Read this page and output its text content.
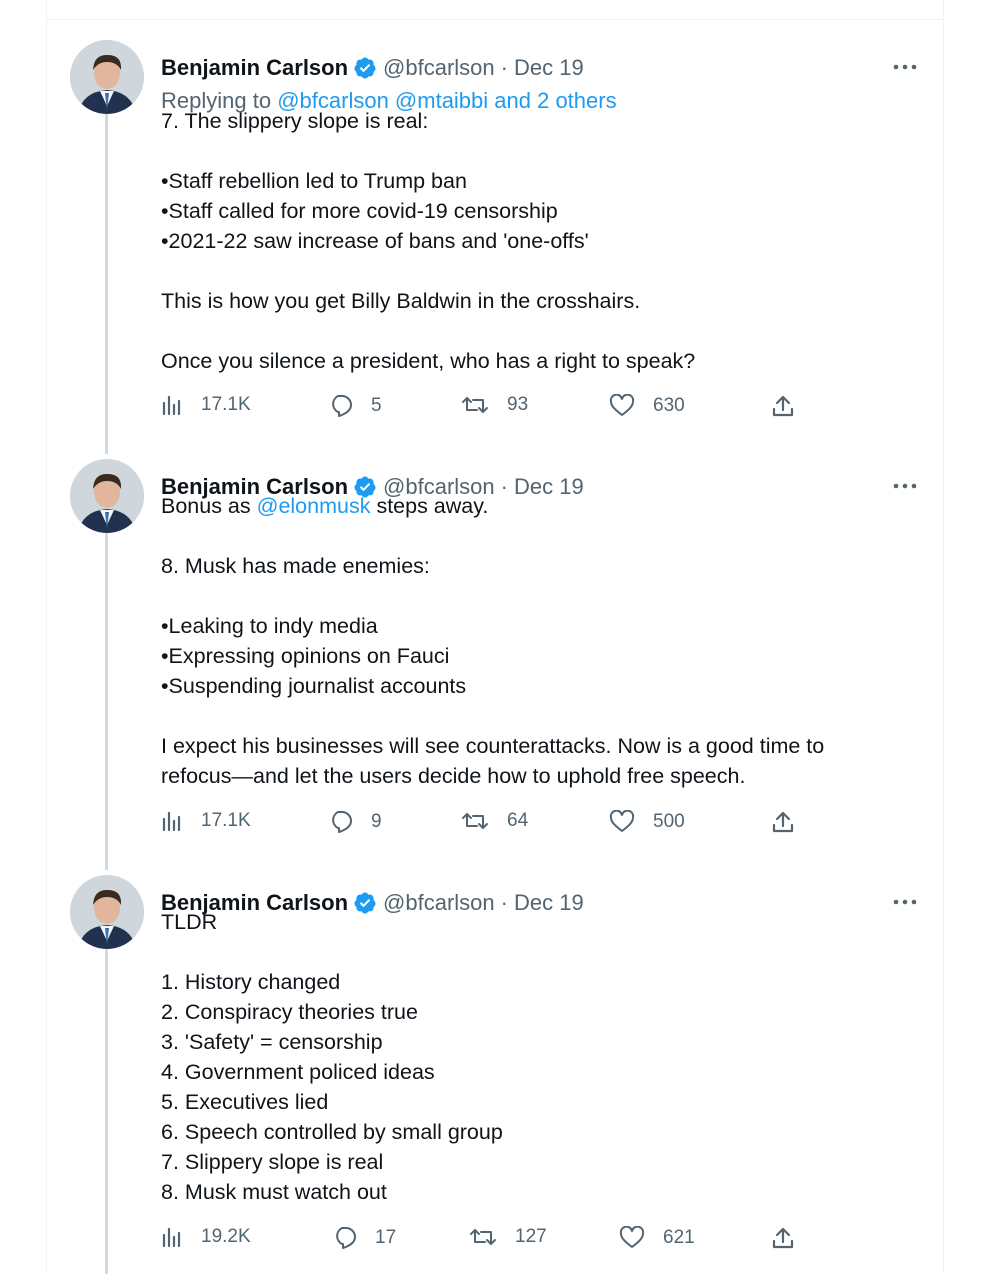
Benjamin Carlson @bfcarlson · Dec 19
Replying to @bfcarlson @mtaibbi and 2 others
7. The slippery slope is real:
•Staff rebellion led to Trump ban
•Staff called for more covid-19 censorship
•2021-22 saw increase of bans and 'one-offs'
This is how you get Billy Baldwin in the crosshairs.
Once you silence a president, who has a right to speak?
17.1K	5	93	630
Benjamin Carlson @bfcarlson · Dec 19
Bonus as @elonmusk steps away.
8. Musk has made enemies:
•Leaking to indy media
•Expressing opinions on Fauci
•Suspending journalist accounts
I expect his businesses will see counterattacks. Now is a good time to
refocus—and let the users decide how to uphold free speech.
17.1K	9	64	500
Benjamin Carlson @bfcarlson · Dec 19
TLDR
1. History changed
2. Conspiracy theories true
3. 'Safety' = censorship
4. Government policed ideas
5. Executives lied
6. Speech controlled by small group
7. Slippery slope is real
8. Musk must watch out
19.2K	17	127	621
